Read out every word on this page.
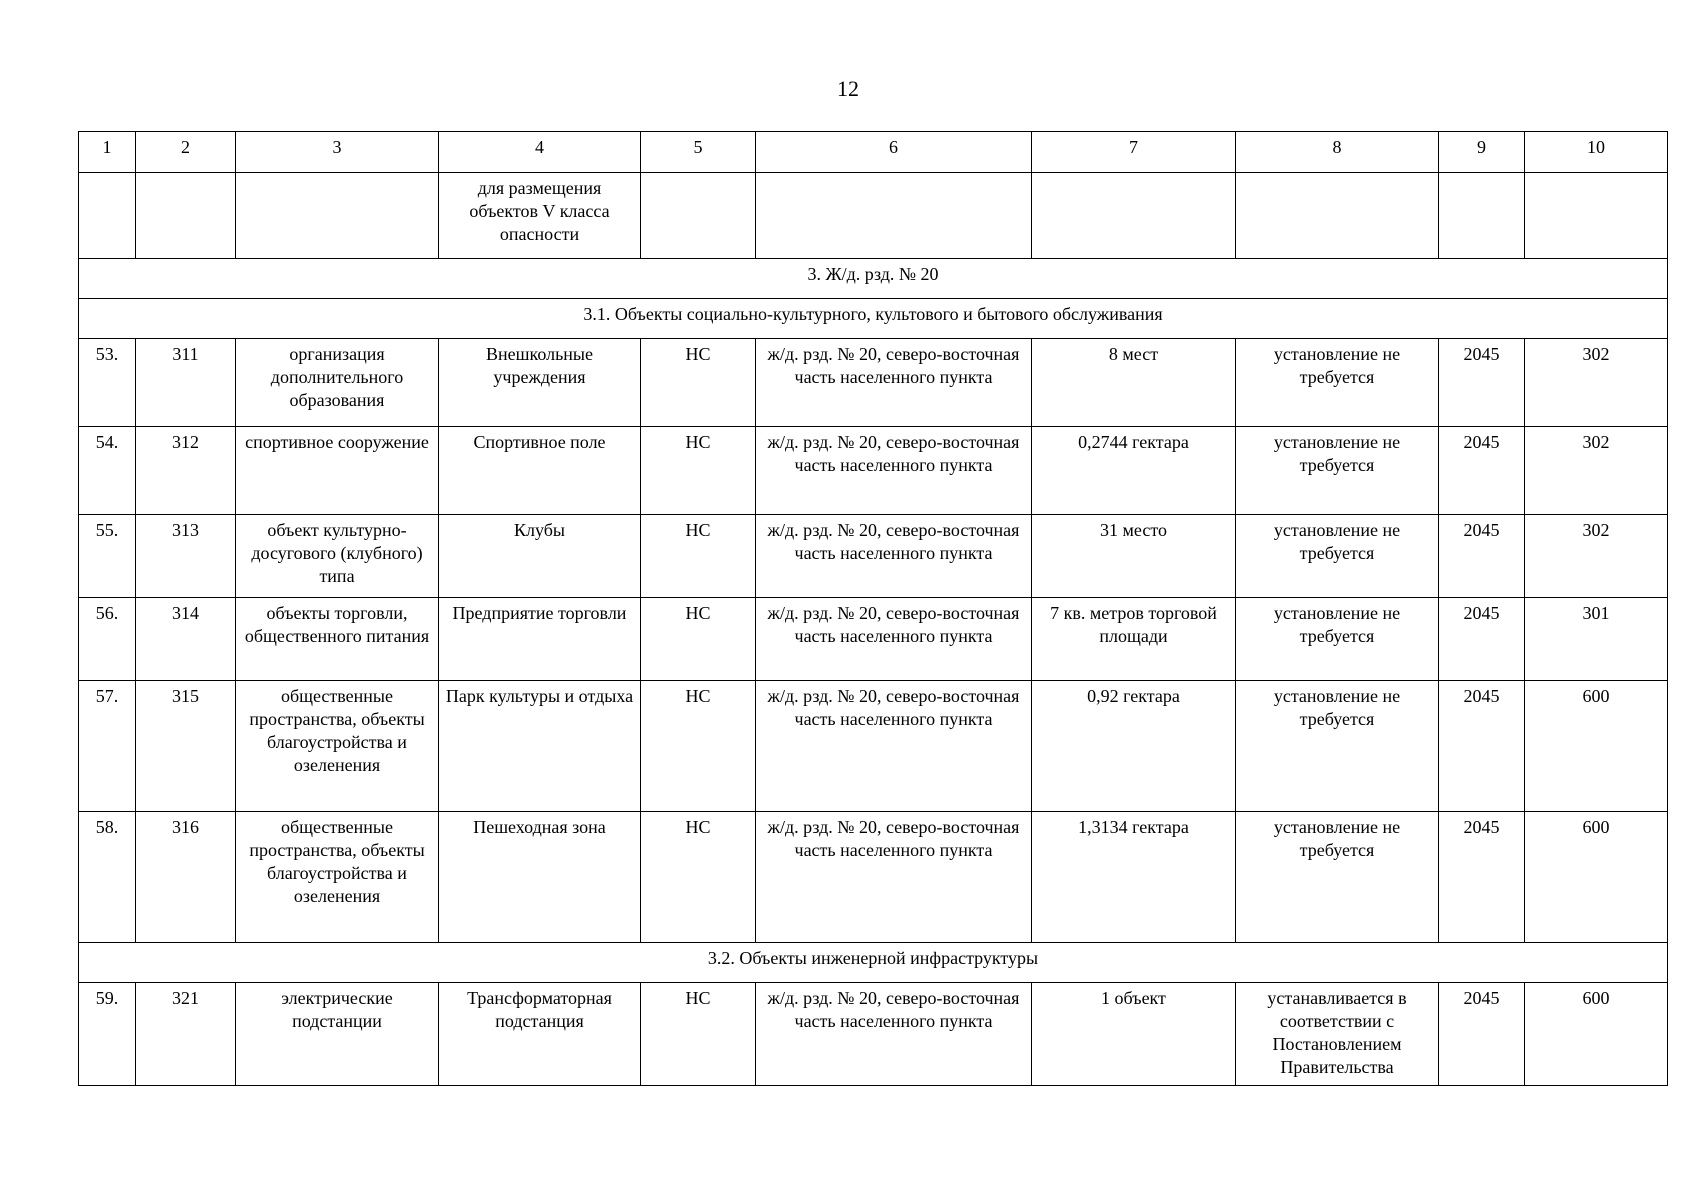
12
1	2	3	4	5	6	7	8	9	10
			для размещения объектов V класса опасности						
3. Ж/д. рзд. № 20									
3.1. Объекты социально-культурного, культового и бытового обслуживания									
53.	311	организация дополнительного образования	Внешкольные учреждения	НС	ж/д. рзд. № 20, северо-восточная часть населенного пункта	8 мест	установление не требуется	2045	302
54.	312	спортивное сооружение	Спортивное поле	НС	ж/д. рзд. № 20, северо-восточная часть населенного пункта	0,2744 гектара	установление не требуется	2045	302
55.	313	объект культурно-досугового (клубного) типа	Клубы	НС	ж/д. рзд. № 20, северо-восточная часть населенного пункта	31 место	установление не требуется	2045	302
56.	314	объекты торговли, общественного питания	Предприятие торговли	НС	ж/д. рзд. № 20, северо-восточная часть населенного пункта	7 кв. метров торговой площади	установление не требуется	2045	301
57.	315	общественные пространства, объекты благоустройства и озеленения	Парк культуры и отдыха	НС	ж/д. рзд. № 20, северо-восточная часть населенного пункта	0,92 гектара	установление не требуется	2045	600
58.	316	общественные пространства, объекты благоустройства и озеленения	Пешеходная зона	НС	ж/д. рзд. № 20, северо-восточная часть населенного пункта	1,3134 гектара	установление не требуется	2045	600
3.2. Объекты инженерной инфраструктуры									
59.	321	электрические подстанции	Трансформаторная подстанция	НС	ж/д. рзд. № 20, северо-восточная часть населенного пункта	1 объект	устанавливается в соответствии с Постановлением Правительства	2045	600
